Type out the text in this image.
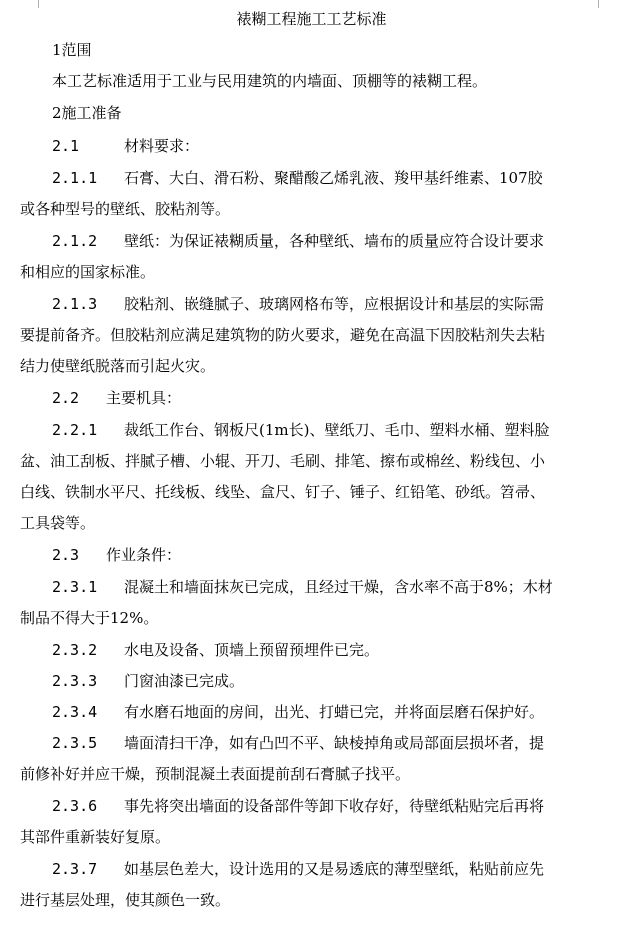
裱糊工程施工工艺标准
1范围
本工艺标准适用于工业与民用建筑的内墙面、顶棚等的裱糊工程。
2施工准备
2.1	材料要求：
2.1.1 石膏、大白、滑石粉、聚醋酸乙烯乳液、羧甲基纤维素、107胶
或各种型号的壁纸、胶粘剂等。
2.1.2 壁纸：为保证裱糊质量，各种壁纸、墙布的质量应符合设计要求
和相应的国家标准。
2.1.3 胶粘剂、嵌缝腻子、玻璃网格布等，应根据设计和基层的实际需
要提前备齐。但胶粘剂应满足建筑物的防火要求，避免在高温下因胶粘剂失去粘
结力使壁纸脱落而引起火灾。
2.2 主要机具：
2.2.1 裁纸工作台、钢板尺(1m长)、壁纸刀、毛巾、塑料水桶、塑料脸
盆、油工刮板、拌腻子槽、小辊、开刀、毛刷、排笔、擦布或棉丝、粉线包、小
白线、铁制水平尺、托线板、线坠、盒尺、钉子、锤子、红铅笔、砂纸。笤帚、
工具袋等。
2.3 作业条件：
2.3.1 混凝土和墙面抹灰已完成，且经过干燥，含水率不高于8%；木材
制品不得大于12%。
2.3.2 水电及设备、顶墙上预留预埋件已完。
2.3.3 门窗油漆已完成。
2.3.4 有水磨石地面的房间，出光、打蜡已完，并将面层磨石保护好。
2.3.5 墙面清扫干净，如有凸凹不平、缺棱掉角或局部面层损坏者，提
前修补好并应干燥，预制混凝土表面提前刮石膏腻子找平。
2.3.6 事先将突出墙面的设备部件等卸下收存好，待壁纸粘贴完后再将
其部件重新装好复原。
2.3.7 如基层色差大，设计选用的又是易透底的薄型壁纸，粘贴前应先
进行基层处理，使其颜色一致。
